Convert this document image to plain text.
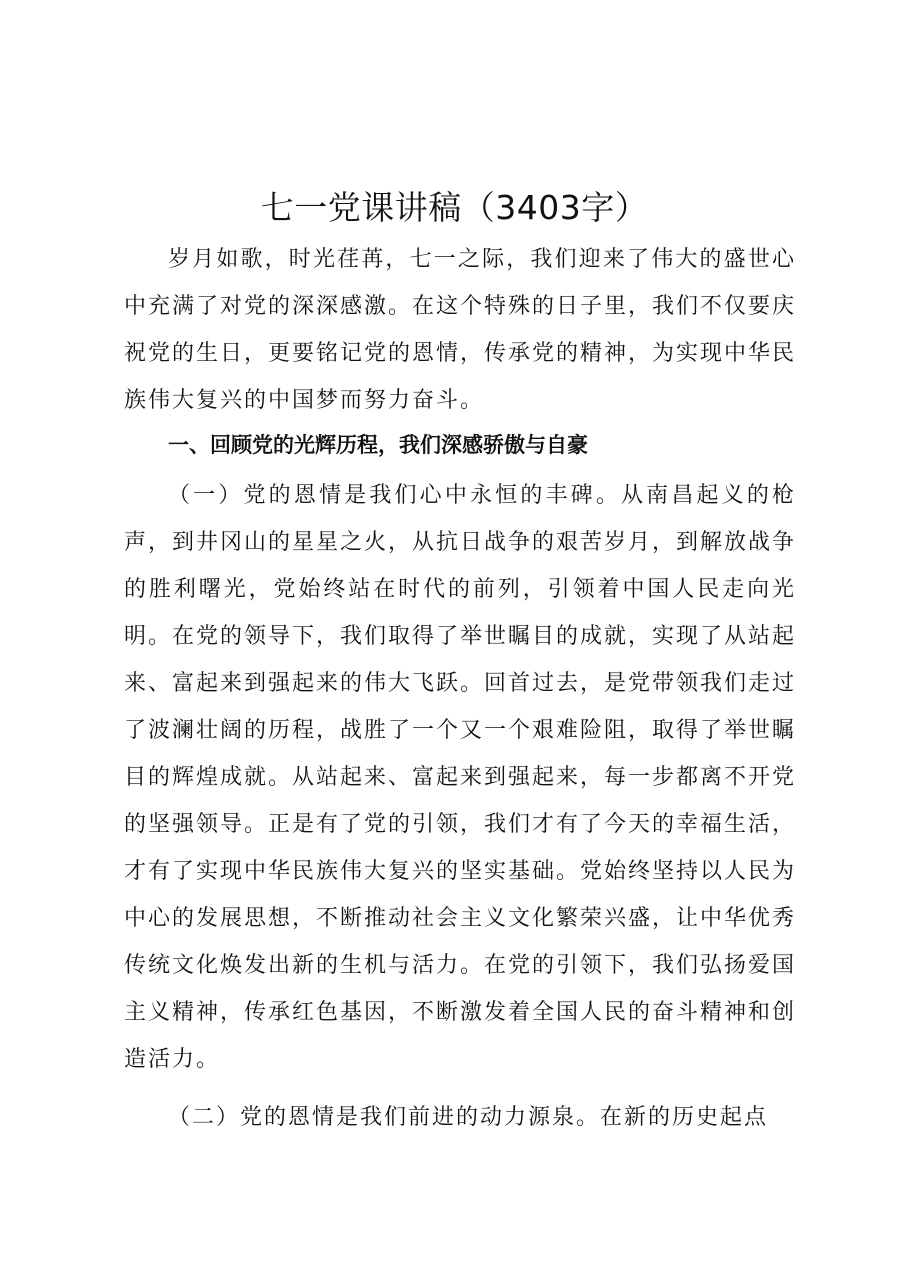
七一党课讲稿（3403字）

岁月如歌，时光荏苒，七一之际，我们迎来了伟大的盛世心中充满了对党的深深感激。在这个特殊的日子里，我们不仅要庆祝党的生日，更要铭记党的恩情，传承党的精神，为实现中华民族伟大复兴的中国梦而努力奋斗。

一、回顾党的光辉历程，我们深感骄傲与自豪

（一）党的恩情是我们心中永恒的丰碑。从南昌起义的枪声，到井冈山的星星之火，从抗日战争的艰苦岁月，到解放战争的胜利曙光，党始终站在时代的前列，引领着中国人民走向光明。在党的领导下，我们取得了举世瞩目的成就，实现了从站起来、富起来到强起来的伟大飞跃。回首过去，是党带领我们走过了波澜壮阔的历程，战胜了一个又一个艰难险阻，取得了举世瞩目的辉煌成就。从站起来、富起来到强起来，每一步都离不开党的坚强领导。正是有了党的引领，我们才有了今天的幸福生活，才有了实现中华民族伟大复兴的坚实基础。党始终坚持以人民为中心的发展思想，不断推动社会主义文化繁荣兴盛，让中华优秀传统文化焕发出新的生机与活力。在党的引领下，我们弘扬爱国主义精神，传承红色基因，不断激发着全国人民的奋斗精神和创造活力。

（二）党的恩情是我们前进的动力源泉。在新的历史起点
